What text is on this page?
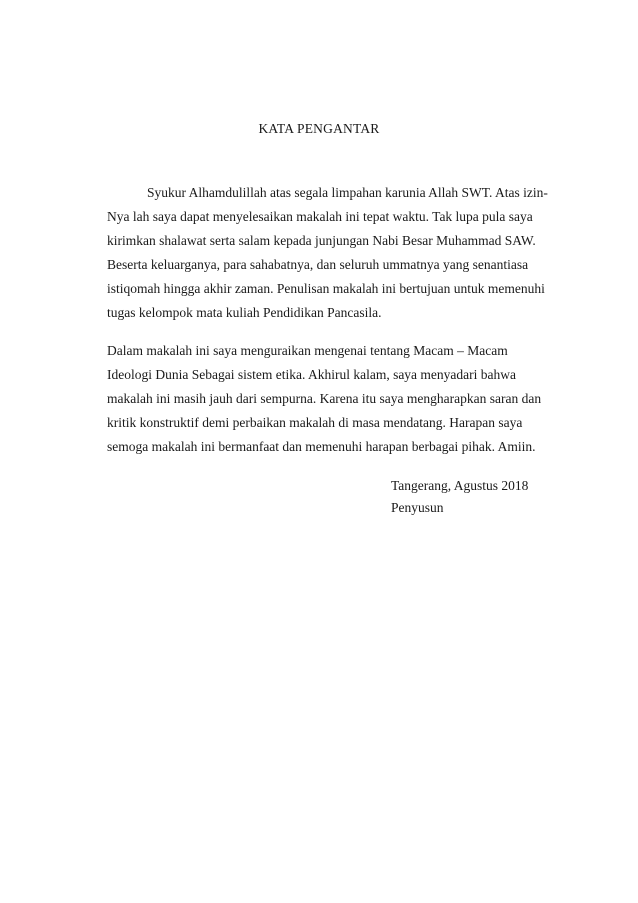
KATA PENGANTAR
Syukur Alhamdulillah atas segala limpahan karunia Allah SWT. Atas izin-
Nya lah saya dapat menyelesaikan makalah ini tepat waktu. Tak lupa pula saya
kirimkan shalawat serta salam kepada junjungan Nabi Besar Muhammad SAW.
Beserta keluarganya, para sahabatnya, dan seluruh ummatnya yang senantiasa
istiqomah hingga akhir zaman. Penulisan makalah ini bertujuan untuk memenuhi
tugas kelompok mata kuliah Pendidikan Pancasila.
Dalam makalah ini saya menguraikan mengenai tentang Macam – Macam
Ideologi Dunia Sebagai sistem etika. Akhirul kalam, saya menyadari bahwa
makalah ini masih jauh dari sempurna. Karena itu saya mengharapkan saran dan
kritik konstruktif demi perbaikan makalah di masa mendatang. Harapan saya
semoga makalah ini bermanfaat dan memenuhi harapan berbagai pihak. Amiin.
Tangerang, Agustus 2018
Penyusun
